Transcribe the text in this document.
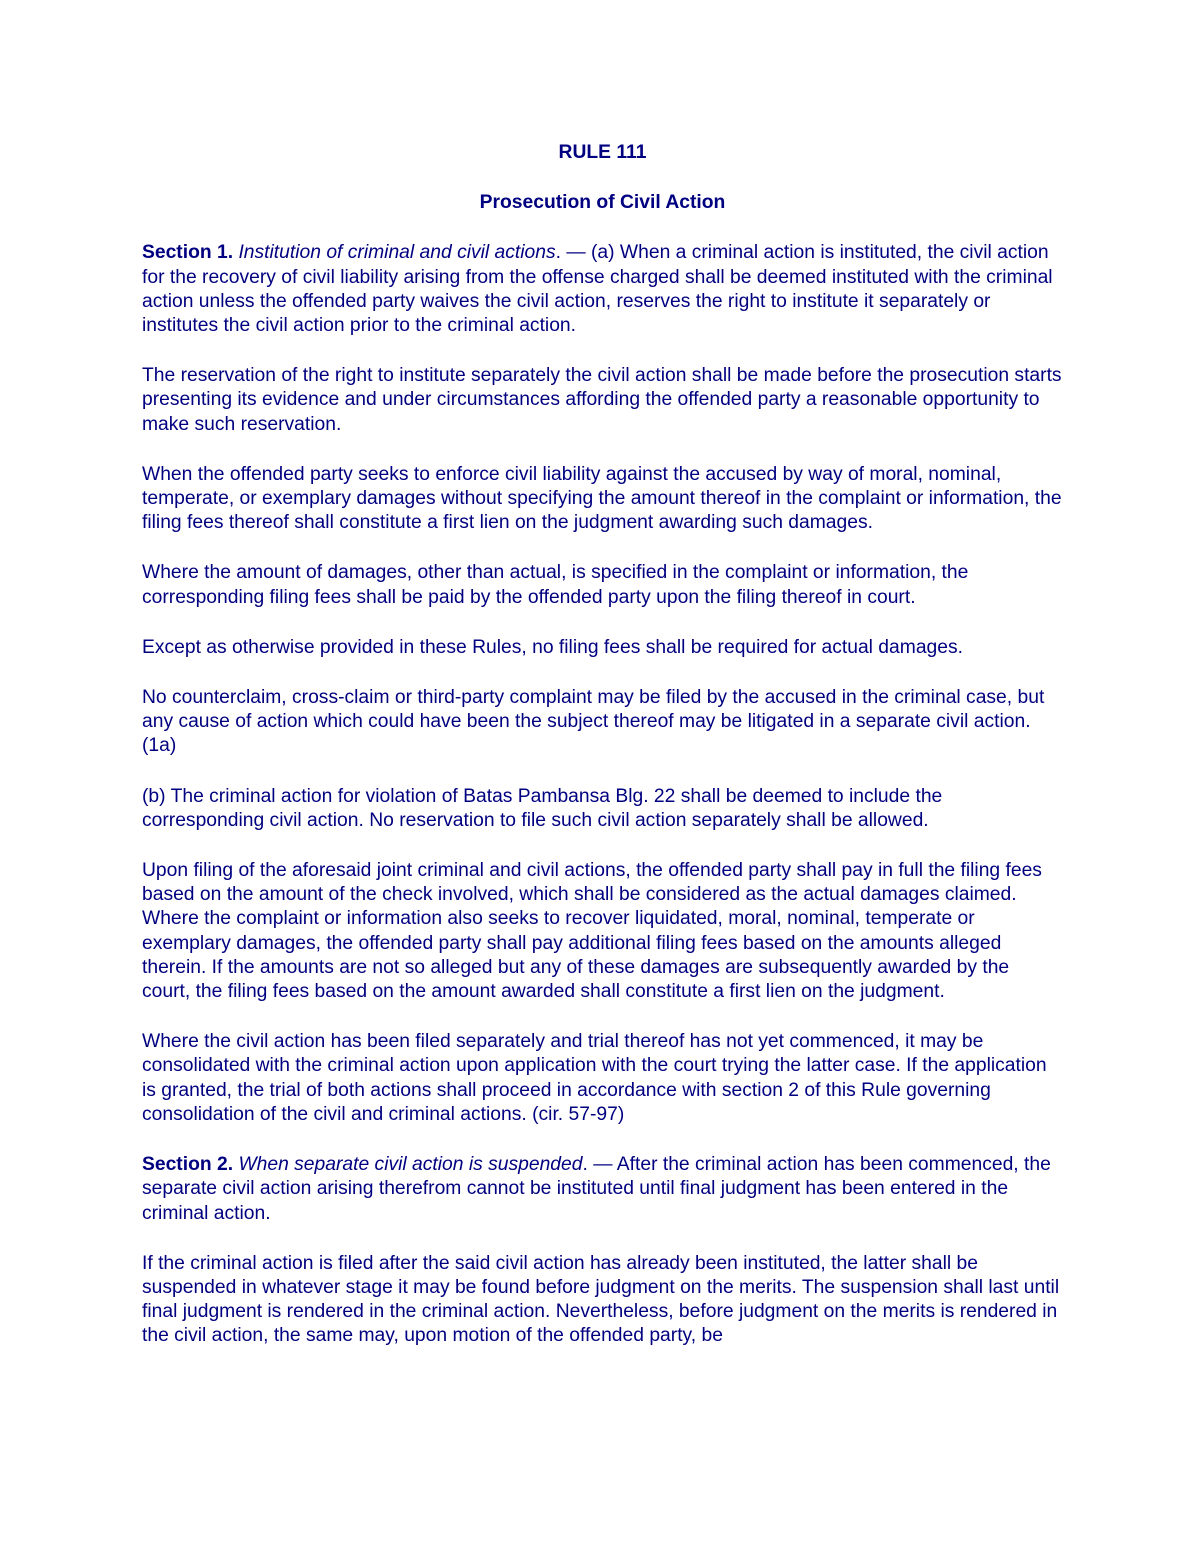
RULE 111

Prosecution of Civil Action

Section 1. Institution of criminal and civil actions. — (a) When a criminal action is instituted, the civil action for the recovery of civil liability arising from the offense charged shall be deemed instituted with the criminal action unless the offended party waives the civil action, reserves the right to institute it separately or institutes the civil action prior to the criminal action.

The reservation of the right to institute separately the civil action shall be made before the prosecution starts presenting its evidence and under circumstances affording the offended party a reasonable opportunity to make such reservation.

When the offended party seeks to enforce civil liability against the accused by way of moral, nominal, temperate, or exemplary damages without specifying the amount thereof in the complaint or information, the filing fees thereof shall constitute a first lien on the judgment awarding such damages.

Where the amount of damages, other than actual, is specified in the complaint or information, the corresponding filing fees shall be paid by the offended party upon the filing thereof in court.

Except as otherwise provided in these Rules, no filing fees shall be required for actual damages.

No counterclaim, cross-claim or third-party complaint may be filed by the accused in the criminal case, but any cause of action which could have been the subject thereof may be litigated in a separate civil action. (1a)

(b) The criminal action for violation of Batas Pambansa Blg. 22 shall be deemed to include the corresponding civil action. No reservation to file such civil action separately shall be allowed.

Upon filing of the aforesaid joint criminal and civil actions, the offended party shall pay in full the filing fees based on the amount of the check involved, which shall be considered as the actual damages claimed. Where the complaint or information also seeks to recover liquidated, moral, nominal, temperate or exemplary damages, the offended party shall pay additional filing fees based on the amounts alleged therein. If the amounts are not so alleged but any of these damages are subsequently awarded by the court, the filing fees based on the amount awarded shall constitute a first lien on the judgment.

Where the civil action has been filed separately and trial thereof has not yet commenced, it may be consolidated with the criminal action upon application with the court trying the latter case. If the application is granted, the trial of both actions shall proceed in accordance with section 2 of this Rule governing consolidation of the civil and criminal actions. (cir. 57-97)

Section 2. When separate civil action is suspended. — After the criminal action has been commenced, the separate civil action arising therefrom cannot be instituted until final judgment has been entered in the criminal action.

If the criminal action is filed after the said civil action has already been instituted, the latter shall be suspended in whatever stage it may be found before judgment on the merits. The suspension shall last until final judgment is rendered in the criminal action. Nevertheless, before judgment on the merits is rendered in the civil action, the same may, upon motion of the offended party, be
